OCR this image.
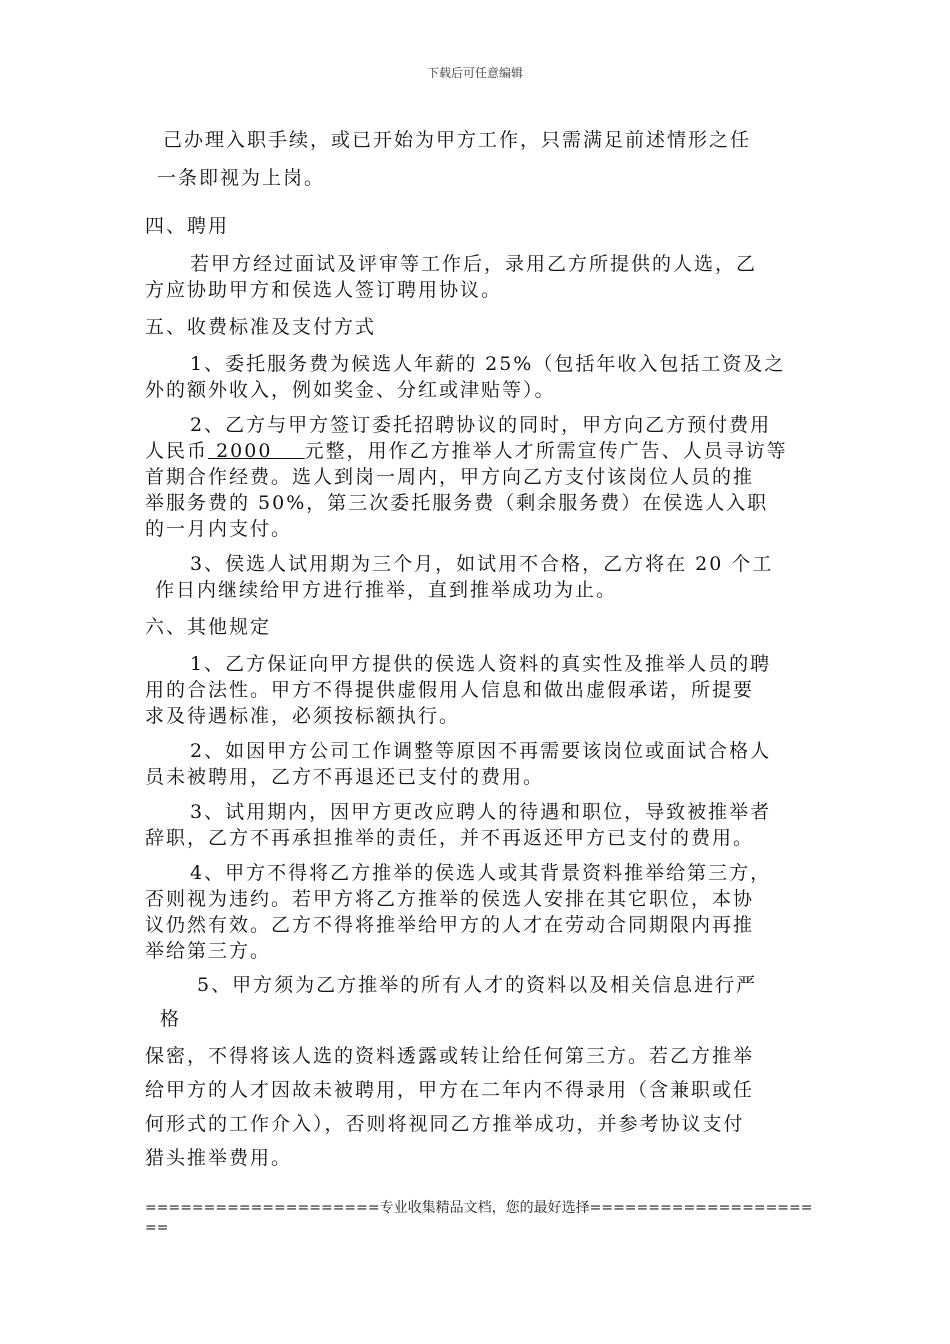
下载后可任意编辑
己办理入职手续，或已开始为甲方工作，只需满足前述情形之任
一条即视为上岗。
四、聘用
若甲方经过面试及评审等工作后，录用乙方所提供的人选，乙
方应协助甲方和侯选人签订聘用协议。
五、收费标准及支付方式
1、委托服务费为候选人年薪的 25%（包括年收入包括工资及之
外的额外收入，例如奖金、分红或津贴等）。
2、乙方与甲方签订委托招聘协议的同时，甲方向乙方预付费用
人民币 2000 元整，用作乙方推举人才所需宣传广告、人员寻访等
首期合作经费。选人到岗一周内，甲方向乙方支付该岗位人员的推
举服务费的 50%，第三次委托服务费（剩余服务费）在侯选人入职
的一月内支付。
3、侯选人试用期为三个月，如试用不合格，乙方将在 20 个工
作日内继续给甲方进行推举，直到推举成功为止。
六、其他规定
1、乙方保证向甲方提供的侯选人资料的真实性及推举人员的聘
用的合法性。甲方不得提供虚假用人信息和做出虚假承诺，所提要
求及待遇标准，必须按标额执行。
2、如因甲方公司工作调整等原因不再需要该岗位或面试合格人
员未被聘用，乙方不再退还已支付的费用。
3、试用期内，因甲方更改应聘人的待遇和职位，导致被推举者
辞职，乙方不再承担推举的责任，并不再返还甲方已支付的费用。
4、甲方不得将乙方推举的侯选人或其背景资料推举给第三方，
否则视为违约。若甲方将乙方推举的侯选人安排在其它职位，本协
议仍然有效。乙方不得将推举给甲方的人才在劳动合同期限内再推
举给第三方。
5、甲方须为乙方推举的所有人才的资料以及相关信息进行严
格
保密，不得将该人选的资料透露或转让给任何第三方。若乙方推举
给甲方的人才因故未被聘用，甲方在二年内不得录用（含兼职或任
何形式的工作介入），否则将视同乙方推举成功，并参考协议支付
猎头推举费用。
====================专业收集精品文档，您的最好选择=====================
